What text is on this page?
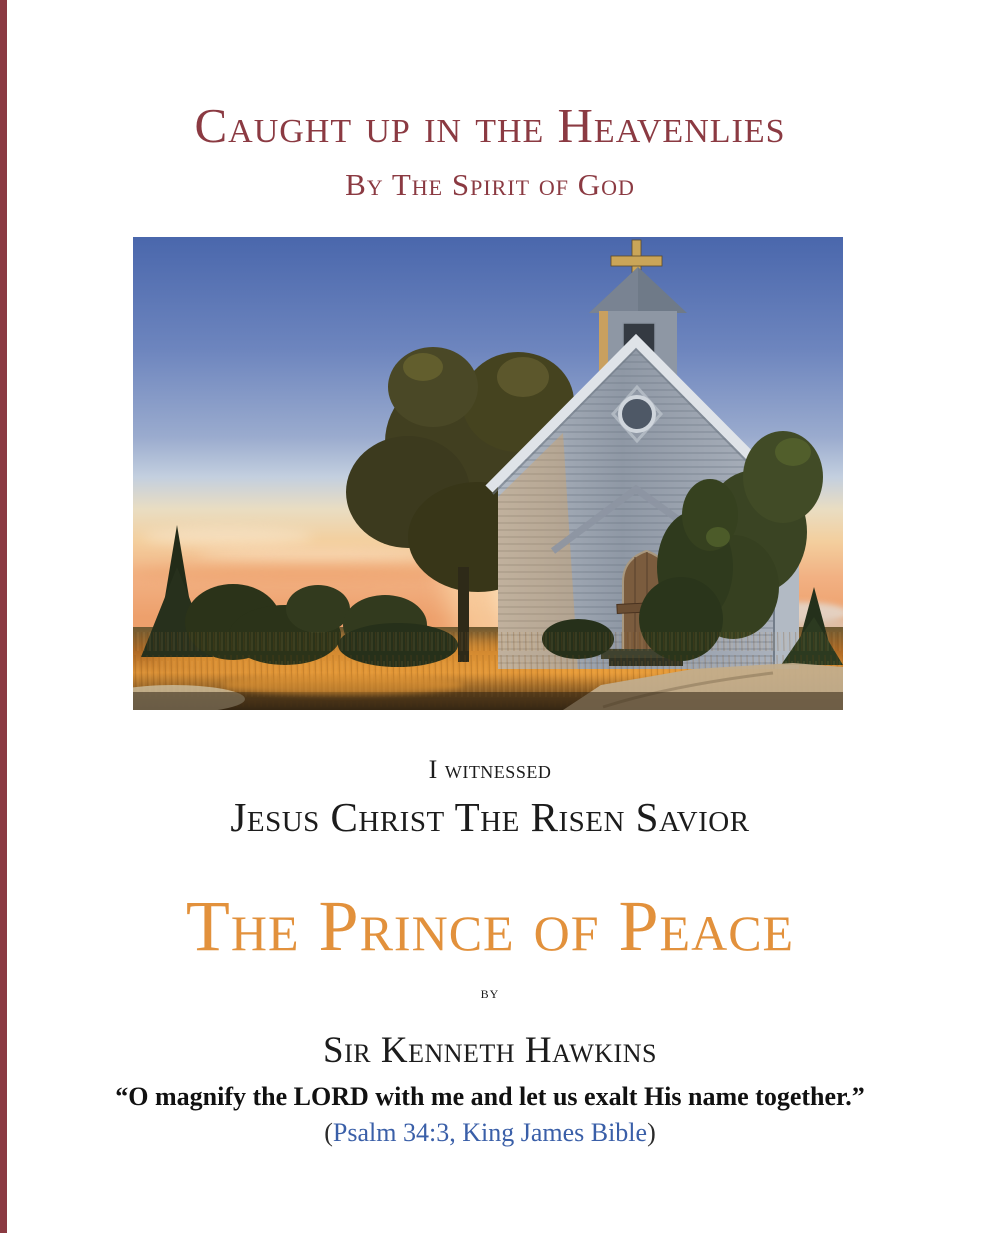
Caught up in the Heavenlies
By The Spirit of God
I witnessed
Jesus Christ The Risen Savior
The Prince of Peace
by
Sir Kenneth Hawkins
“O magnify the LORD with me and let us exalt His name together.”
(Psalm 34:3, King James Bible)
